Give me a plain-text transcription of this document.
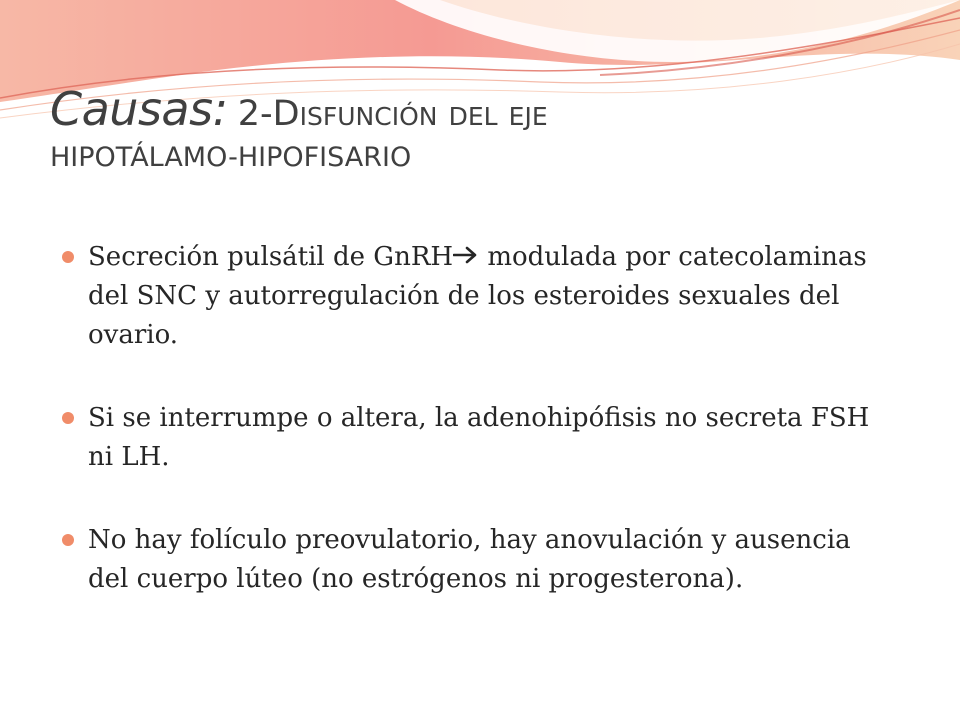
Causas: 2-Disfunción del eje
HIPOTÁLAMO-HIPOFISARIO
Secreción pulsátil de GnRH modulada por catecolaminas del SNC y autorregulación de los esteroides sexuales del ovario.
Si se interrumpe o altera, la adenohipófisis no secreta FSH ni LH.
No hay folículo preovulatorio, hay anovulación y ausencia del cuerpo lúteo (no estrógenos ni progesterona).
